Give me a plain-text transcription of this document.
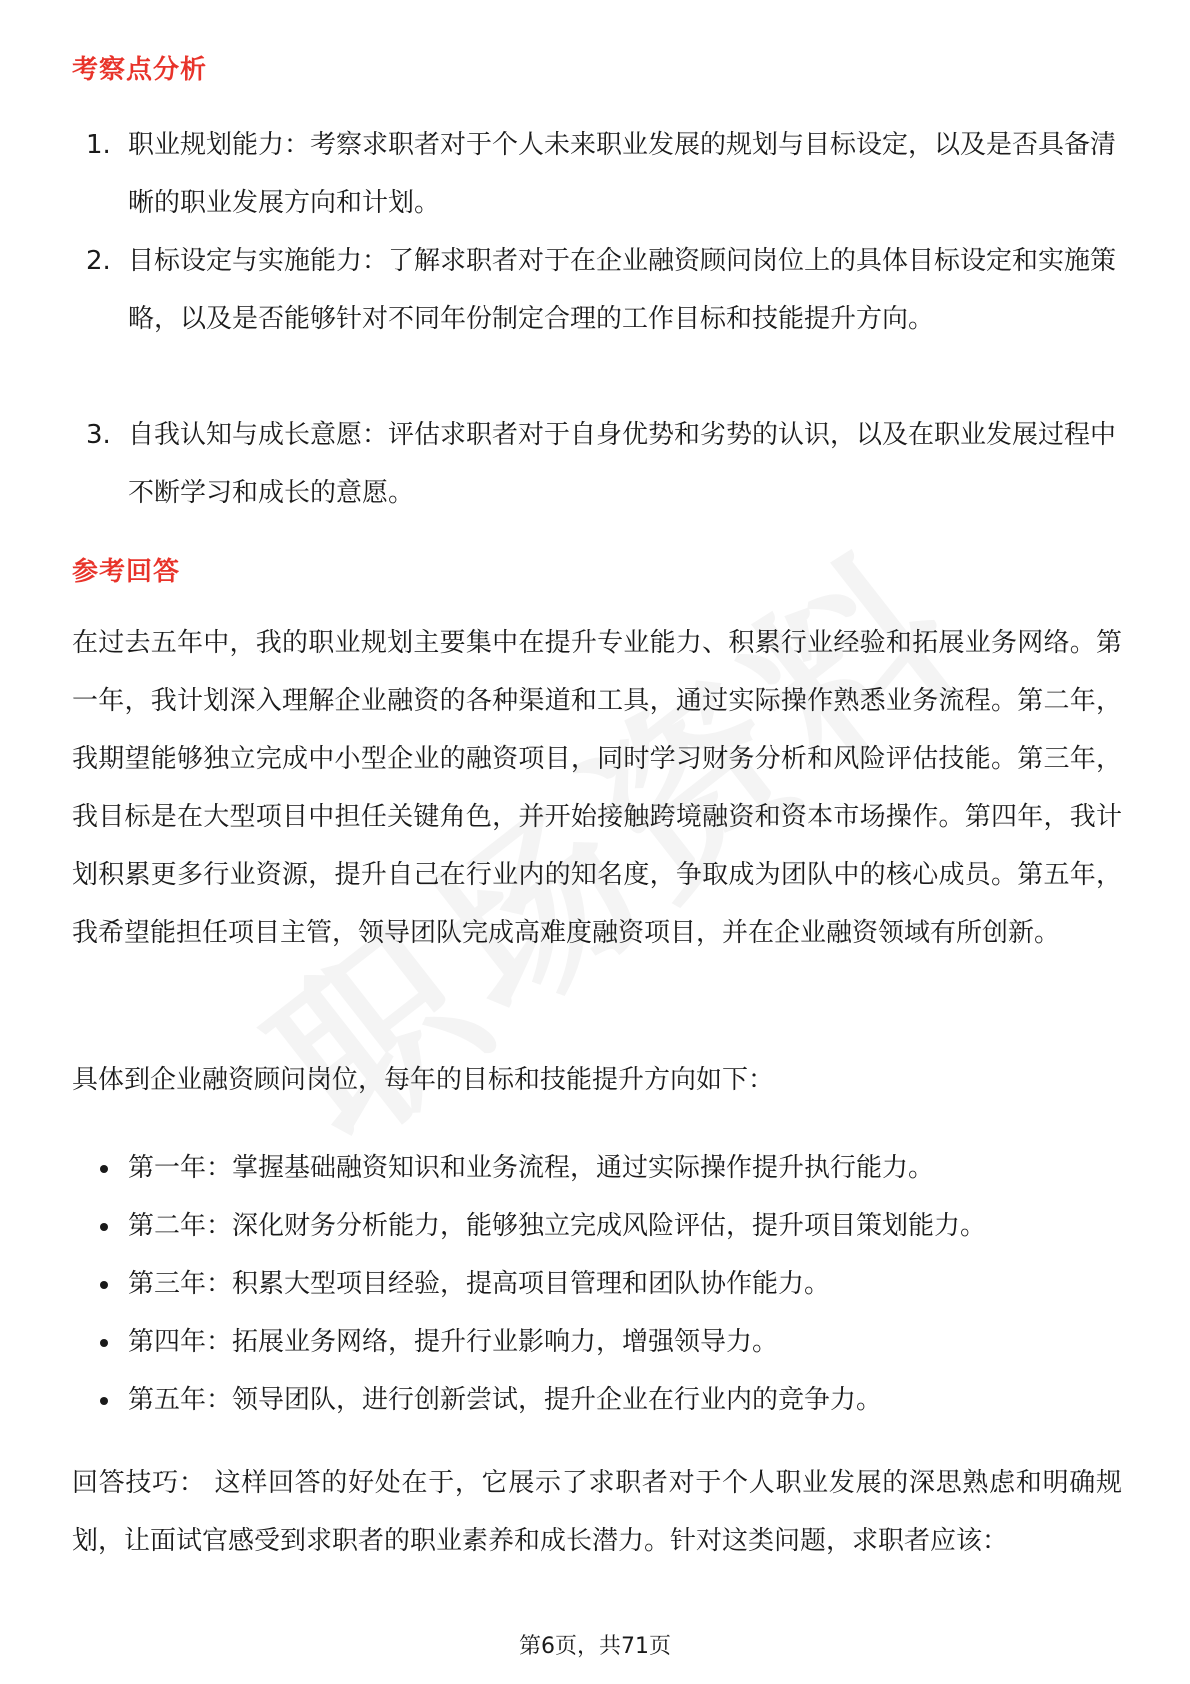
考察点分析
1. 职业规划能力：考察求职者对于个人未来职业发展的规划与目标设定，以及是否具备清晰的职业发展方向和计划。
2. 目标设定与实施能力：了解求职者对于在企业融资顾问岗位上的具体目标设定和实施策略，以及是否能够针对不同年份制定合理的工作目标和技能提升方向。
3. 自我认知与成长意愿：评估求职者对于自身优势和劣势的认识，以及在职业发展过程中不断学习和成长的意愿。
参考回答

在过去五年中，我的职业规划主要集中在提升专业能力、积累行业经验和拓展业务网络。第一年，我计划深入理解企业融资的各种渠道和工具，通过实际操作熟悉业务流程。第二年，我期望能够独立完成中小型企业的融资项目，同时学习财务分析和风险评估技能。第三年，我目标是在大型项目中担任关键角色，并开始接触跨境融资和资本市场操作。第四年，我计划积累更多行业资源，提升自己在行业内的知名度，争取成为团队中的核心成员。第五年，我希望能担任项目主管，领导团队完成高难度融资项目，并在企业融资领域有所创新。

具体到企业融资顾问岗位，每年的目标和技能提升方向如下：

第一年：掌握基础融资知识和业务流程，通过实际操作提升执行能力。
第二年：深化财务分析能力，能够独立完成风险评估，提升项目策划能力。
第三年：积累大型项目经验，提高项目管理和团队协作能力。
第四年：拓展业务网络，提升行业影响力，增强领导力。
第五年：领导团队，进行创新尝试，提升企业在行业内的竞争力。

回答技巧： 这样回答的好处在于，它展示了求职者对于个人职业发展的深思熟虑和明确规划，让面试官感受到求职者的职业素养和成长潜力。针对这类问题，求职者应该：

第6页，共71页
